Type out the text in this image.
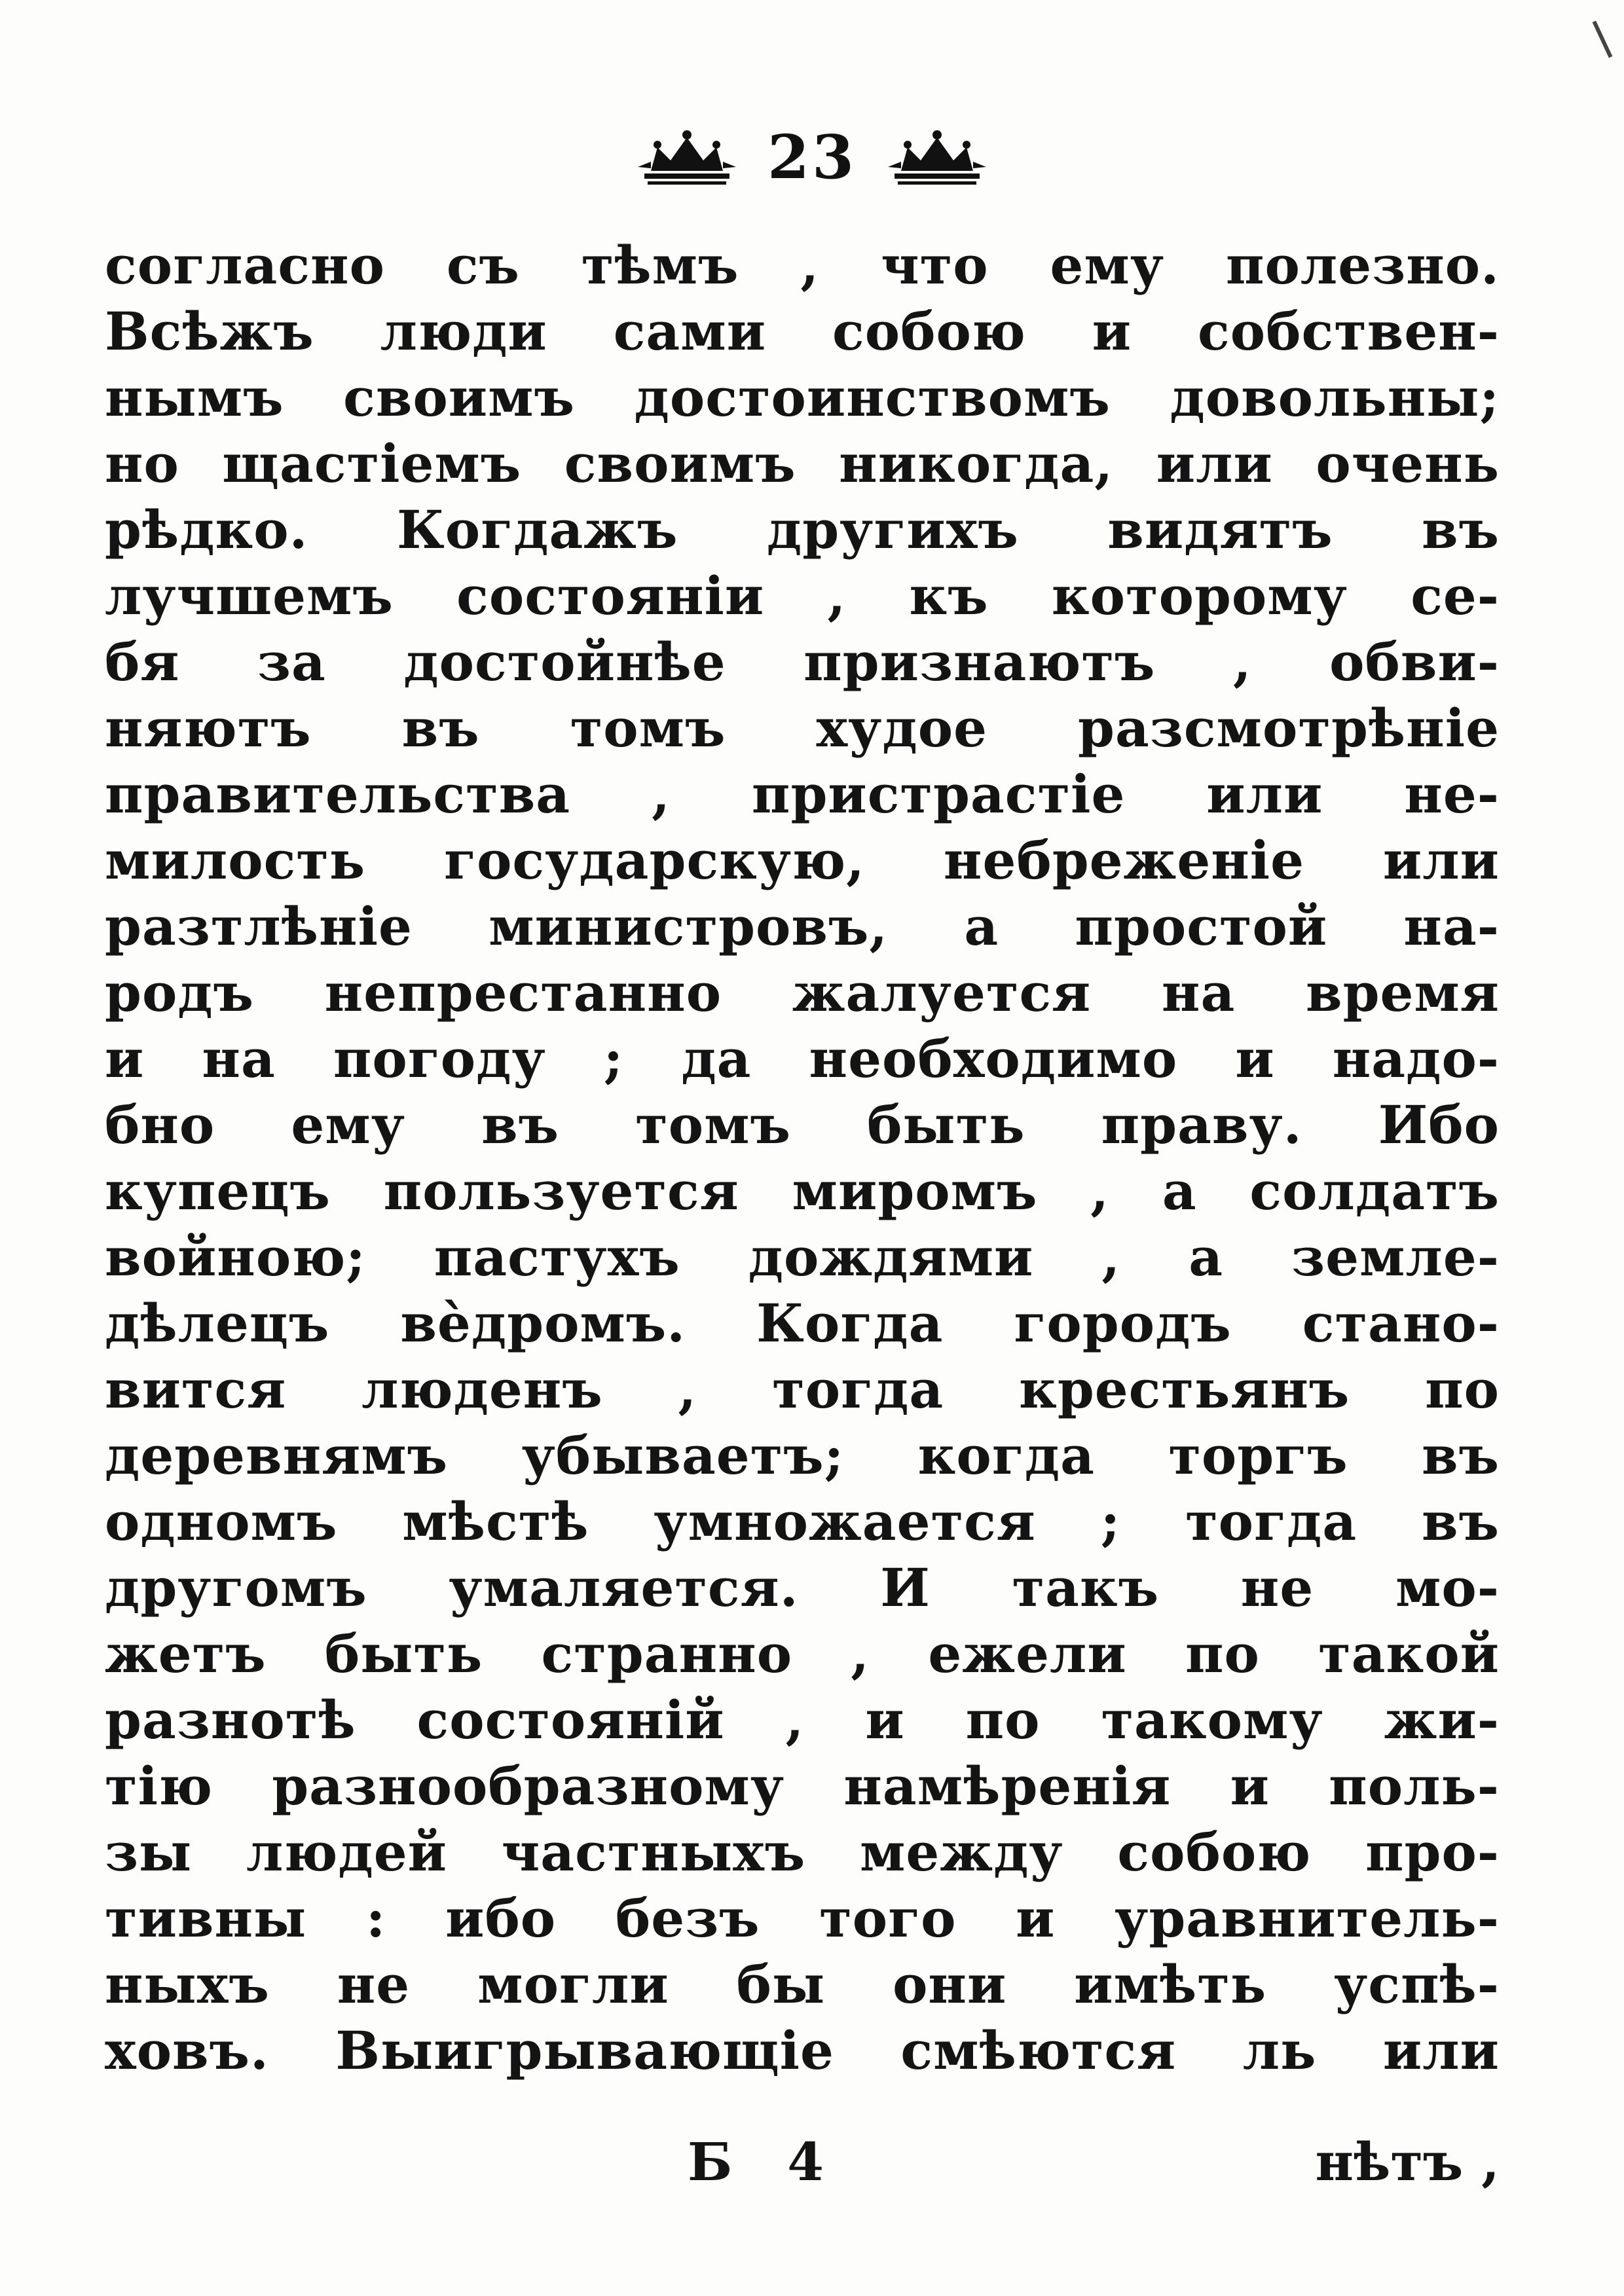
23
согласно съ тѣмъ , что ему полезно.
Всѣжъ люди сами собою и собствен-
нымъ своимъ достоинствомъ довольны;
но щастіемъ своимъ никогда, или очень
рѣдко. Когдажъ другихъ видятъ въ
лучшемъ состояніи , къ которому се-
бя за достойнѣе признаютъ , обви-
няютъ въ томъ худое разсмотрѣніе
правительства , пристрастіе или не-
милость государскую, небреженіе или
разтлѣніе министровъ, а простой на-
родъ непрестанно жалуется на время
и на погоду ; да необходимо и надо-
бно ему въ томъ быть праву. Ибо
купецъ пользуется миромъ , а солдатъ
войною; пастухъ дождями , а земле-
дѣлецъ вѐдромъ. Когда городъ стано-
вится люденъ , тогда крестьянъ по
деревнямъ убываетъ; когда торгъ въ
одномъ мѣстѣ умножается ; тогда въ
другомъ умаляется. И такъ не мо-
жетъ быть странно , ежели по такой
разнотѣ состояній , и по такому жи-
тію разнообразному намѣренія и поль-
зы людей частныхъ между собою про-
тивны : ибо безъ того и уравнитель-
ныхъ не могли бы они имѣть успѣ-
ховъ. Выигрывающіе смѣются ль или
Б 4	нѣтъ ,
